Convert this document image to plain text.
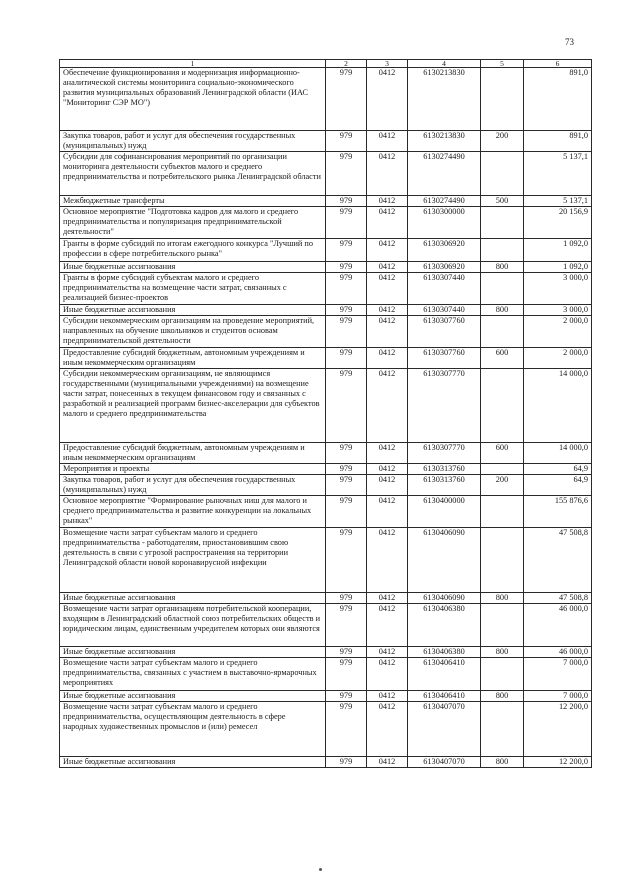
73
1	2	3	4	5	6
Обеспечение функционирования и модернизация информационно-аналитической системы мониторинга социально-экономического развития муниципальных образований Ленинградской области (ИАС "Мониторинг СЭР МО")	979	0412	6130213830		891,0
Закупка товаров, работ и услуг для обеспечения государственных (муниципальных) нужд	979	0412	6130213830	200	891,0
Субсидии для софинансирования мероприятий по организации мониторинга деятельности субъектов малого и среднего предпринимательства и потребительского рынка Ленинградской области	979	0412	6130274490		5 137,1
Межбюджетные трансферты	979	0412	6130274490	500	5 137,1
Основное мероприятие "Подготовка кадров для малого и среднего предпринимательства и популяризация предпринимательской деятельности"	979	0412	6130300000		20 156,9
Гранты в форме субсидий по итогам ежегодного конкурса "Лучший по профессии в сфере потребительского рынка"	979	0412	6130306920		1 092,0
Иные бюджетные ассигнования	979	0412	6130306920	800	1 092,0
Гранты в форме субсидий субъектам малого и среднего предпринимательства на возмещение части затрат, связанных с реализацией бизнес-проектов	979	0412	6130307440		3 000,0
Иные бюджетные ассигнования	979	0412	6130307440	800	3 000,0
Субсидии некоммерческим организациям на проведение мероприятий, направленных на обучение школьников и студентов основам предпринимательской деятельности	979	0412	6130307760		2 000,0
Предоставление субсидий бюджетным, автономным учреждениям и иным некоммерческим организациям	979	0412	6130307760	600	2 000,0
Субсидии некоммерческим организациям, не являющимся государственными (муниципальными учреждениями) на возмещение части затрат, понесенных в текущем финансовом году и связанных с разработкой и реализацией программ бизнес-акселерации для субъектов малого и среднего предпринимательства	979	0412	6130307770		14 000,0
Предоставление субсидий бюджетным, автономным учреждениям и иным некоммерческим организациям	979	0412	6130307770	600	14 000,0
Мероприятия и проекты	979	0412	6130313760		64,9
Закупка товаров, работ и услуг для обеспечения государственных (муниципальных) нужд	979	0412	6130313760	200	64,9
Основное мероприятие "Формирование рыночных ниш для малого и среднего предпринимательства и развитие конкуренции на локальных рынках"	979	0412	6130400000		155 876,6
Возмещение части затрат субъектам малого и среднего предпринимательства - работодателям, приостановившим свою деятельность в связи с угрозой распространения на территории Ленинградской области новой коронавирусной инфекции	979	0412	6130406090		47 508,8
Иные бюджетные ассигнования	979	0412	6130406090	800	47 508,8
Возмещение части затрат организациям потребительской кооперации, входящим в Ленинградский областной союз потребительских обществ и юридическим лицам, единственным учредителем которых они являются	979	0412	6130406380		46 000,0
Иные бюджетные ассигнования	979	0412	6130406380	800	46 000,0
Возмещение части затрат субъектам малого и среднего предпринимательства, связанных с участием в выставочно-ярмарочных мероприятиях	979	0412	6130406410		7 000,0
Иные бюджетные ассигнования	979	0412	6130406410	800	7 000,0
Возмещение части затрат субъектам малого и среднего предпринимательства, осуществляющим деятельность в сфере народных художественных промыслов и (или) ремесел	979	0412	6130407070		12 200,0
Иные бюджетные ассигнования	979	0412	6130407070	800	12 200,0
